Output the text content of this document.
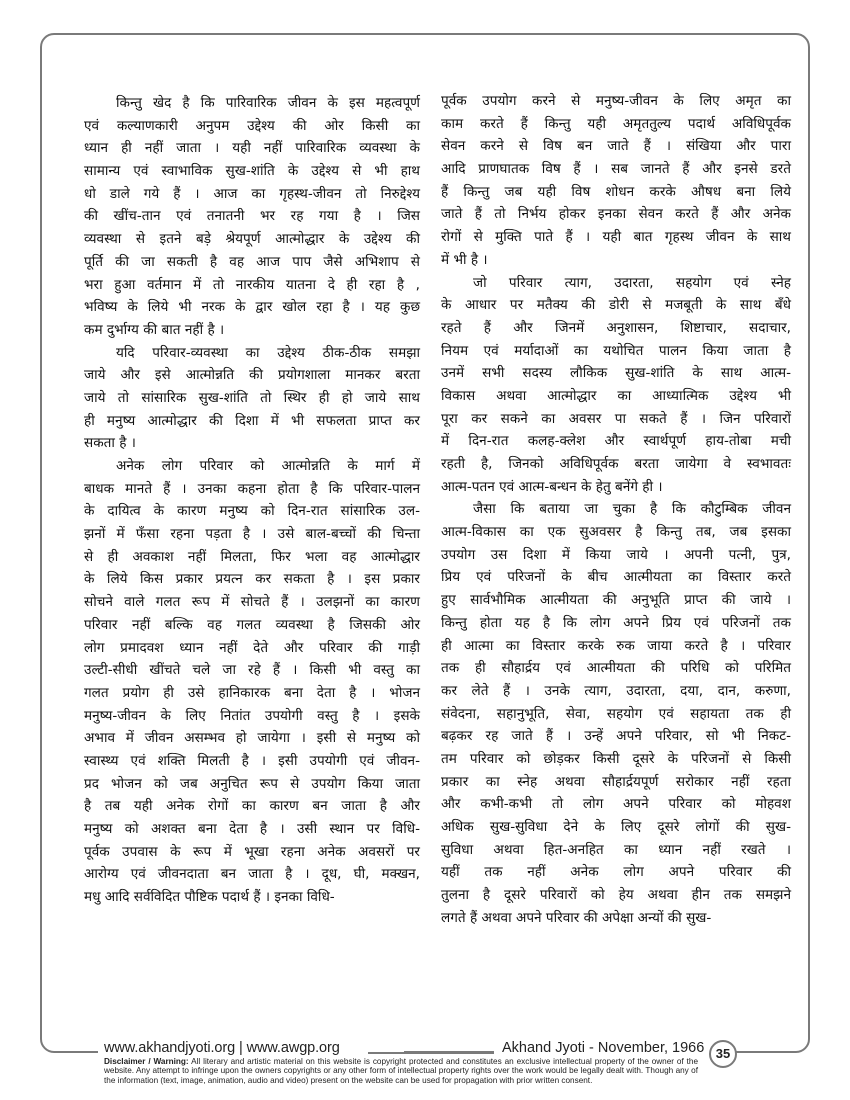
किन्तु खेद है कि पारिवारिक जीवन के इस महत्वपूर्ण
एवं कल्याणकारी अनुपम उद्देश्य की ओर किसी का
ध्यान ही नहीं जाता । यही नहीं पारिवारिक व्यवस्था के
सामान्य एवं स्वाभाविक सुख-शांति के उद्देश्य से भी हाथ
धो डाले गये हैं । आज का गृहस्थ-जीवन तो निरुद्देश्य
की खींच-तान एवं तनातनी भर रह गया है । जिस
व्यवस्था से इतने बड़े श्रेयपूर्ण आत्मोद्धार के उद्देश्य की
पूर्ति की जा सकती है वह आज पाप जैसे अभिशाप से
भरा हुआ वर्तमान में तो नारकीय यातना दे ही रहा है ,
भविष्य के लिये भी नरक के द्वार खोल रहा है । यह कुछ
कम दुर्भाग्य की बात नहीं है ।
यदि परिवार-व्यवस्था का उद्देश्य ठीक-ठीक समझा
जाये और इसे आत्मोन्नति की प्रयोगशाला मानकर बरता
जाये तो सांसारिक सुख-शांति तो स्थिर ही हो जाये साथ
ही मनुष्य आत्मोद्धार की दिशा में भी सफलता प्राप्त कर
सकता है ।
अनेक लोग परिवार को आत्मोन्नति के मार्ग में
बाधक मानते हैं । उनका कहना होता है कि परिवार-पालन
के दायित्व के कारण मनुष्य को दिन-रात सांसारिक उल-
झनों में फँसा रहना पड़ता है । उसे बाल-बच्चों की चिन्ता
से ही अवकाश नहीं मिलता, फिर भला वह आत्मोद्धार
के लिये किस प्रकार प्रयत्न कर सकता है । इस प्रकार
सोचने वाले गलत रूप में सोचते हैं । उलझनों का कारण
परिवार नहीं बल्कि वह गलत व्यवस्था है जिसकी ओर
लोग प्रमादवश ध्यान नहीं देते और परिवार की गाड़ी
उल्टी-सीधी खींचते चले जा रहे हैं । किसी भी वस्तु का
गलत प्रयोग ही उसे हानिकारक बना देता है । भोजन
मनुष्य-जीवन के लिए नितांत उपयोगी वस्तु है । इसके
अभाव में जीवन असम्भव हो जायेगा । इसी से मनुष्य को
स्वास्थ्य एवं शक्ति मिलती है । इसी उपयोगी एवं जीवन-
प्रद भोजन को जब अनुचित रूप से उपयोग किया जाता
है तब यही अनेक रोगों का कारण बन जाता है और
मनुष्य को अशक्त बना देता है । उसी स्थान पर विधि-
पूर्वक उपवास के रूप में भूखा रहना अनेक अवसरों पर
आरोग्य एवं जीवनदाता बन जाता है । दूध, घी, मक्खन,
मधु आदि सर्वविदित पौष्टिक पदार्थ हैं । इनका विधि-
पूर्वक उपयोग करने से मनुष्य-जीवन के लिए अमृत का
काम करते हैं किन्तु यही अमृततुल्य पदार्थ अविधिपूर्वक
सेवन करने से विष बन जाते हैं । संखिया और पारा
आदि प्राणघातक विष हैं । सब जानते हैं और इनसे डरते
हैं किन्तु जब यही विष शोधन करके औषध बना लिये
जाते हैं तो निर्भय होकर इनका सेवन करते हैं और अनेक
रोगों से मुक्ति पाते हैं । यही बात गृहस्थ जीवन के साथ
में भी है ।
जो परिवार त्याग, उदारता, सहयोग एवं स्नेह
के आधार पर मतैक्य की डोरी से मजबूती के साथ बँधे
रहते हैं और जिनमें अनुशासन, शिष्टाचार, सदाचार,
नियम एवं मर्यादाओं का यथोचित पालन किया जाता है
उनमें सभी सदस्य लौकिक सुख-शांति के साथ आत्म-
विकास अथवा आत्मोद्धार का आध्यात्मिक उद्देश्य भी
पूरा कर सकने का अवसर पा सकते हैं । जिन परिवारों
में दिन-रात कलह-क्लेश और स्वार्थपूर्ण हाय-तोबा मची
रहती है, जिनको अविधिपूर्वक बरता जायेगा वे स्वभावतः
आत्म-पतन एवं आत्म-बन्धन के हेतु बनेंगे ही ।
जैसा कि बताया जा चुका है कि कौटुम्बिक जीवन
आत्म-विकास का एक सुअवसर है किन्तु तब, जब इसका
उपयोग उस दिशा में किया जाये । अपनी पत्नी, पुत्र,
प्रिय एवं परिजनों के बीच आत्मीयता का विस्तार करते
हुए सार्वभौमिक आत्मीयता की अनुभूति प्राप्त की जाये ।
किन्तु होता यह है कि लोग अपने प्रिय एवं परिजनों तक
ही आत्मा का विस्तार करके रुक जाया करते है । परिवार
तक ही सौहार्द्रय एवं आत्मीयता की परिधि को परिमित
कर लेते हैं । उनके त्याग, उदारता, दया, दान, करुणा,
संवेदना, सहानुभूति, सेवा, सहयोग एवं सहायता तक ही
बढ़कर रह जाते हैं । उन्हें अपने परिवार, सो भी निकट-
तम परिवार को छोड़कर किसी दूसरे के परिजनों से किसी
प्रकार का स्नेह अथवा सौहार्द्रयपूर्ण सरोकार नहीं रहता
और कभी-कभी तो लोग अपने परिवार को मोहवश
अधिक सुख-सुविधा देने के लिए दूसरे लोगों की सुख-
सुविधा अथवा हित-अनहित का ध्यान नहीं रखते ।
यहीं तक नहीं अनेक लोग अपने परिवार की
तुलना है दूसरे परिवारों को हेय अथवा हीन तक समझने
लगते हैं अथवा अपने परिवार की अपेक्षा अन्यों की सुख-
www.akhandjyoti.org | www.awgp.org	Akhand Jyoti - November, 1966 35
Disclaimer / Warning: All literary and artistic material on this website is copyright protected and constitutes an exclusive intellectual property of the owner of the website. Any attempt to infringe upon the owners copyrights or any other form of intellectual property rights over the work would be legally dealt with. Though any of the information (text, image, animation, audio and video) present on the website can be used for propagation with prior written consent.
